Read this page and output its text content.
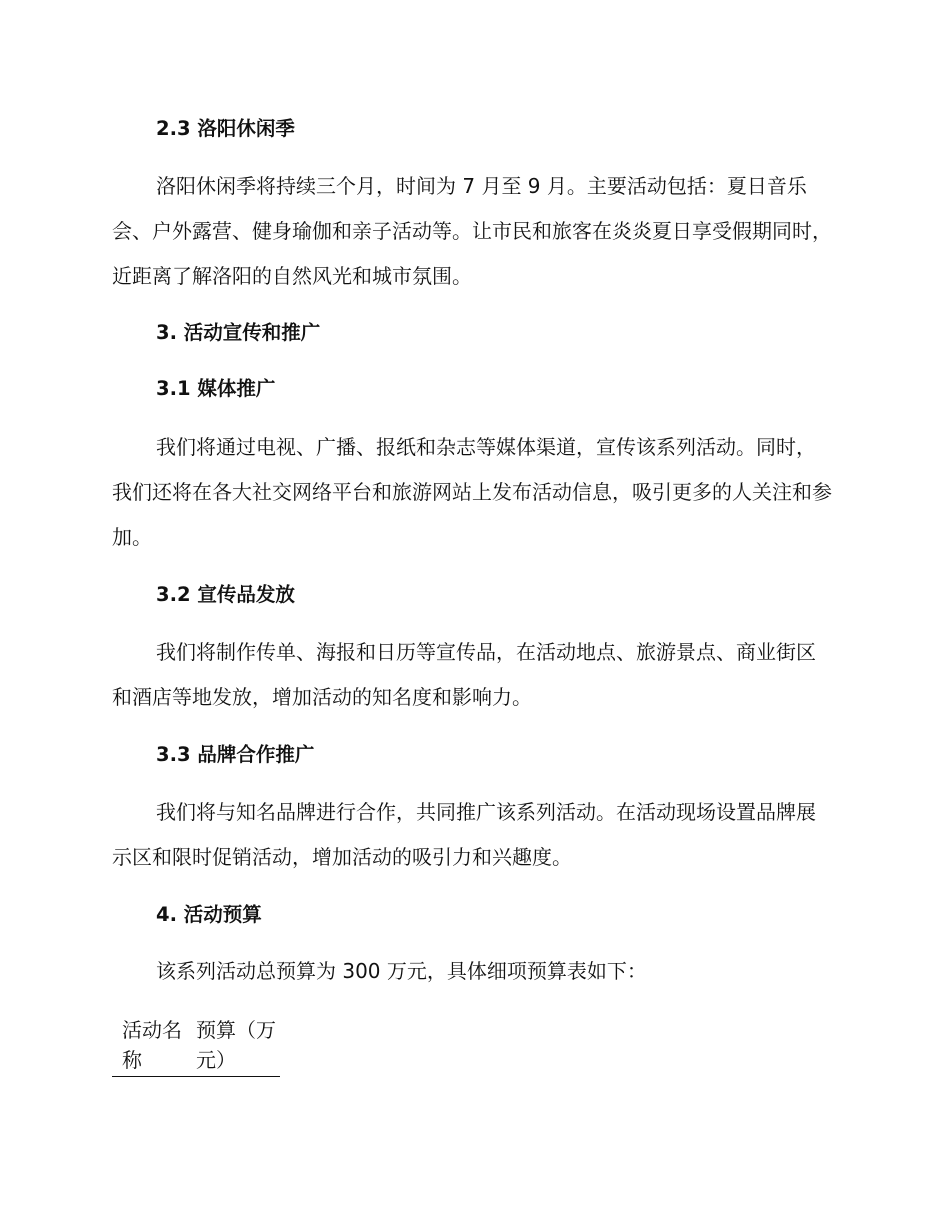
2.3 洛阳休闲季

洛阳休闲季将持续三个月，时间为 7 月至 9 月。主要活动包括：夏日音乐会、户外露营、健身瑜伽和亲子活动等。让市民和旅客在炎炎夏日享受假期同时，近距离了解洛阳的自然风光和城市氛围。

3. 活动宣传和推广
3.1 媒体推广

我们将通过电视、广播、报纸和杂志等媒体渠道，宣传该系列活动。同时，我们还将在各大社交网络平台和旅游网站上发布活动信息，吸引更多的人关注和参加。

3.2 宣传品发放

我们将制作传单、海报和日历等宣传品，在活动地点、旅游景点、商业街区和酒店等地发放，增加活动的知名度和影响力。

3.3 品牌合作推广

我们将与知名品牌进行合作，共同推广该系列活动。在活动现场设置品牌展示区和限时促销活动，增加活动的吸引力和兴趣度。

4. 活动预算

该系列活动总预算为 300 万元，具体细项预算表如下：

活动名称	预算（万元）
